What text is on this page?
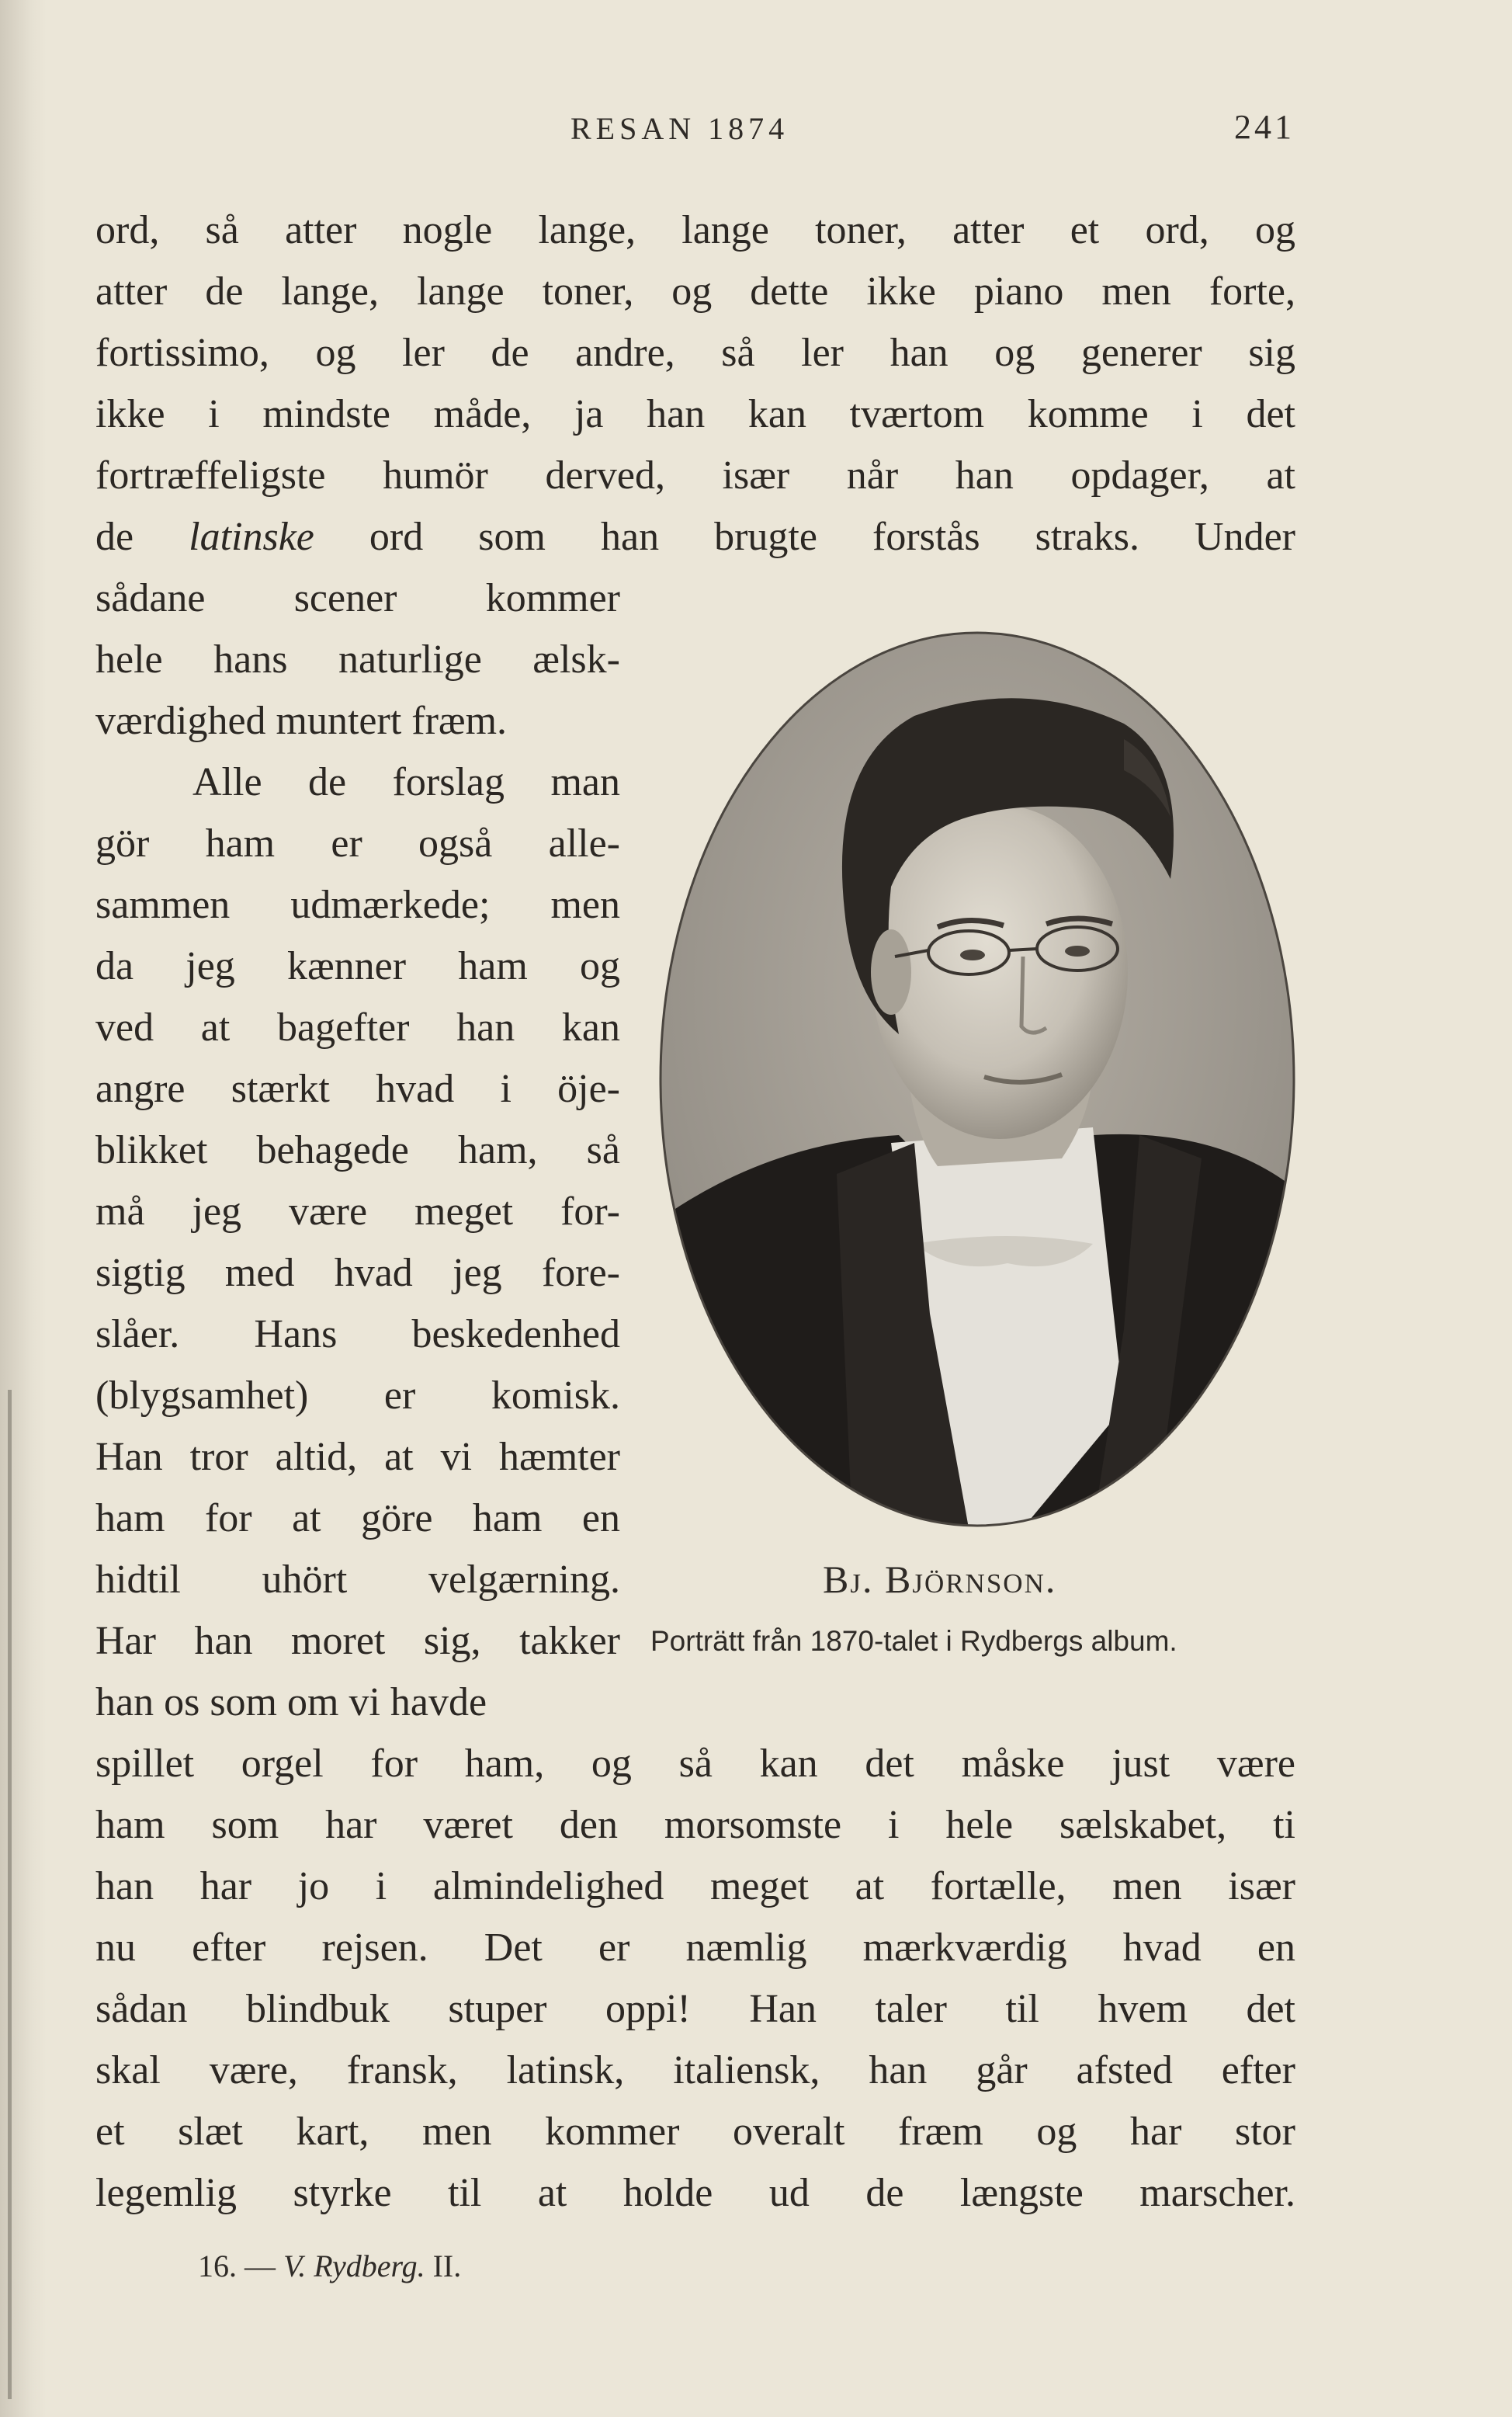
RESAN 1874	241
ord, så atter nogle lange, lange toner, atter et ord, og
atter de lange, lange toner, og dette ikke piano men forte,
fortissimo, og ler de andre, så ler han og generer sig
ikke i mindste måde, ja han kan tværtom komme i det
fortræffeligste humör derved, især når han opdager, at
de latinske ord som han brugte forstås straks. Under
sådane scener kommer
hele hans naturlige ælsk-
værdighed muntert fræm.
Alle de forslag man
gör ham er også alle-
sammen udmærkede; men
da jeg kænner ham og
ved at bagefter han kan
angre stærkt hvad i öje-
blikket behagede ham, så
må jeg være meget for-
sigtig med hvad jeg fore-
slåer. Hans beskedenhed
(blygsamhet) er komisk.
Han tror altid, at vi hæmter
ham for at göre ham en
hidtil uhört velgærning.
Har han moret sig, takker
han os som om vi havde
spillet orgel for ham, og så kan det måske just være
ham som har været den morsomste i hele sælskabet, ti
han har jo i almindelighed meget at fortælle, men især
nu efter rejsen. Det er næmlig mærkværdig hvad en
sådan blindbuk stuper oppi! Han taler til hvem det
skal være, fransk, latinsk, italiensk, han går afsted efter
et slæt kart, men kommer overalt fræm og har stor
legemlig styrke til at holde ud de længste marscher.
Bj. Björnson.
Porträtt från 1870-talet i Rydbergs album.
16. — V. Rydberg. II.
